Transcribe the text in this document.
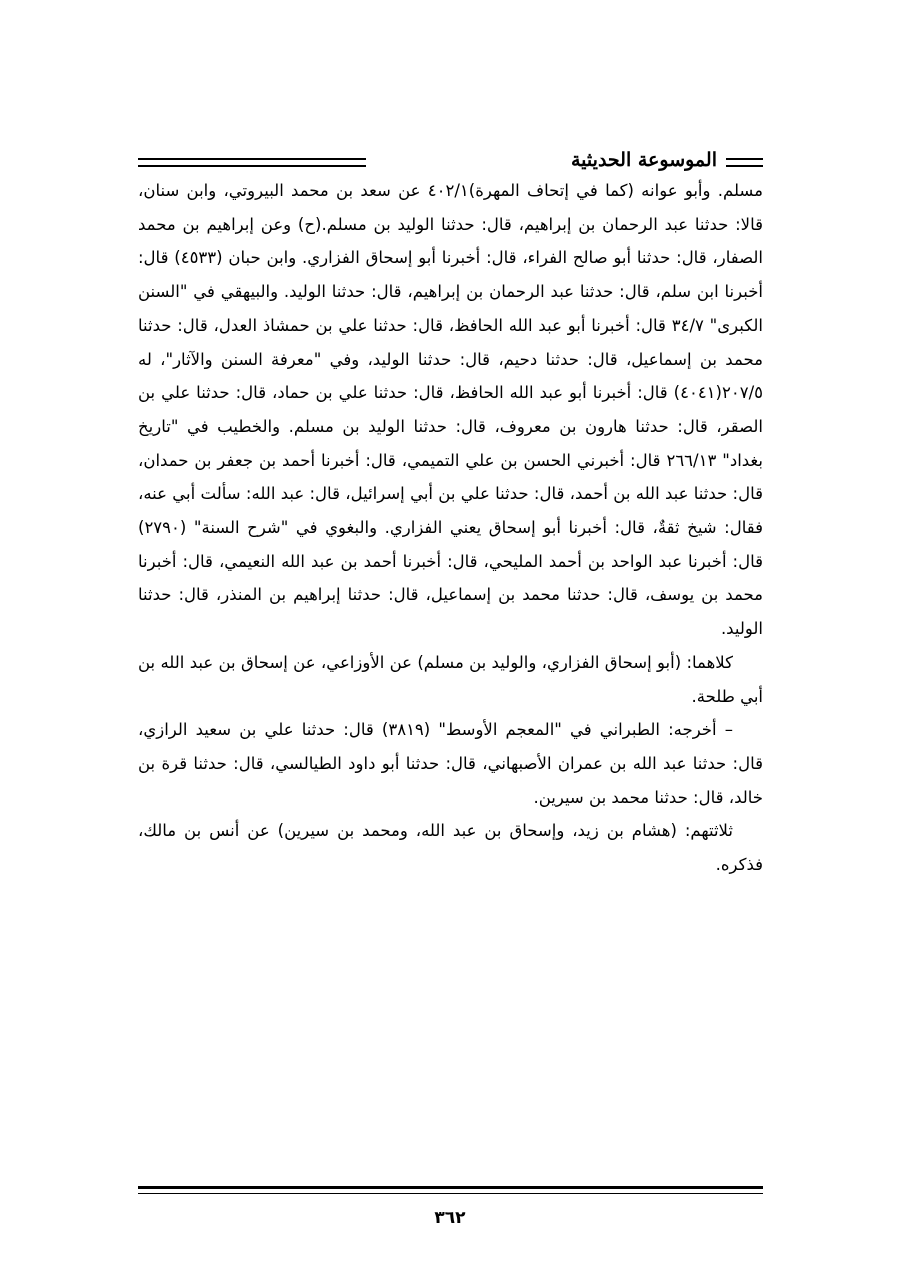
الموسوعة الحديثية

مسلم. وأبو عوانه (كما في إتحاف المهرة)٤٠٢/١ عن سعد بن محمد البيروتي، وابن سنان، قالا: حدثنا عبد الرحمان بن إبراهيم، قال: حدثنا الوليد بن مسلم.(ح) وعن إبراهيم بن محمد الصفار، قال: حدثنا أبو صالح الفراء، قال: أخبرنا أبو إسحاق الفزاري. وابن حبان (٤٥٣٣) قال: أخبرنا ابن سلم، قال: حدثنا عبد الرحمان بن إبراهيم، قال: حدثنا الوليد. والبيهقي في "السنن الكبرى" ٣٤/٧ قال: أخبرنا أبو عبد الله الحافظ، قال: حدثنا علي بن حمشاذ العدل، قال: حدثنا محمد بن إسماعيل، قال: حدثنا دحيم، قال: حدثنا الوليد، وفي "معرفة السنن والآثار"، له ٢٠٧/٥(٤٠٤١) قال: أخبرنا أبو عبد الله الحافظ، قال: حدثنا علي بن حماد، قال: حدثنا علي بن الصقر، قال: حدثنا هارون بن معروف، قال: حدثنا الوليد بن مسلم. والخطيب في "تاريخ بغداد" ٢٦٦/١٣ قال: أخبرني الحسن بن علي التميمي، قال: أخبرنا أحمد بن جعفر بن حمدان، قال: حدثنا عبد الله بن أحمد، قال: حدثنا علي بن أبي إسرائيل، قال: عبد الله: سألت أبي عنه، فقال: شيخ ثقةٌ، قال: أخبرنا أبو إسحاق يعني الفزاري. والبغوي في "شرح السنة" (٢٧٩٠) قال: أخبرنا عبد الواحد بن أحمد المليحي، قال: أخبرنا أحمد بن عبد الله النعيمي، قال: أخبرنا محمد بن يوسف، قال: حدثنا محمد بن إسماعيل، قال: حدثنا إبراهيم بن المنذر، قال: حدثنا الوليد.

كلاهما: (أبو إسحاق الفزاري، والوليد بن مسلم) عن الأوزاعي، عن إسحاق بن عبد الله بن أبي طلحة.

– أخرجه: الطبراني في "المعجم الأوسط" (٣٨١٩) قال: حدثنا علي بن سعيد الرازي، قال: حدثنا عبد الله بن عمران الأصبهاني، قال: حدثنا أبو داود الطيالسي، قال: حدثنا قرة بن خالد، قال: حدثنا محمد بن سيرين.

ثلاثتهم: (هشام بن زيد، وإسحاق بن عبد الله، ومحمد بن سيرين) عن أنس بن مالك، فذكره.

٣٦٢
